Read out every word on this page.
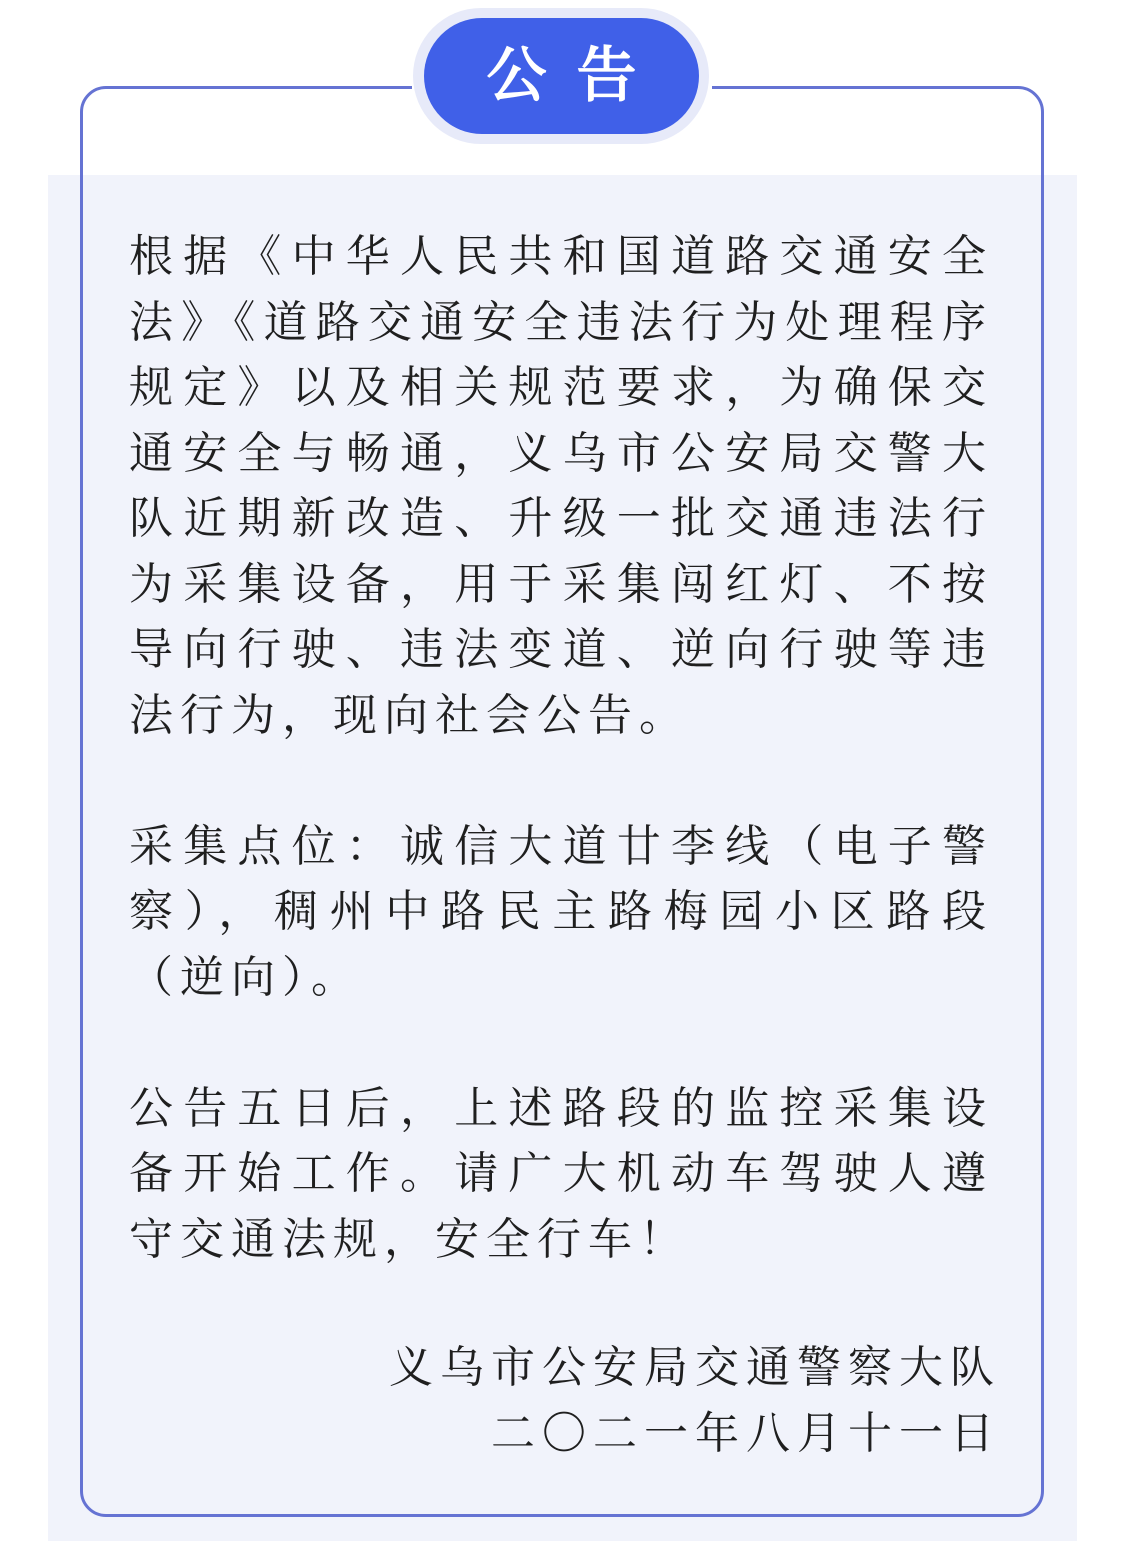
公告

根据《中华人民共和国道路交通安全法》《道路交通安全违法行为处理程序规定》以及相关规范要求，为确保交通安全与畅通，义乌市公安局交警大队近期新改造、升级一批交通违法行为采集设备，用于采集闯红灯、不按导向行驶、违法变道、逆向行驶等违法行为，现向社会公告。

采集点位：诚信大道廿李线（电子警察），稠州中路民主路梅园小区路段（逆向）。

公告五日后，上述路段的监控采集设备开始工作。请广大机动车驾驶人遵守交通法规，安全行车！

义乌市公安局交通警察大队
二〇二一年八月十一日
